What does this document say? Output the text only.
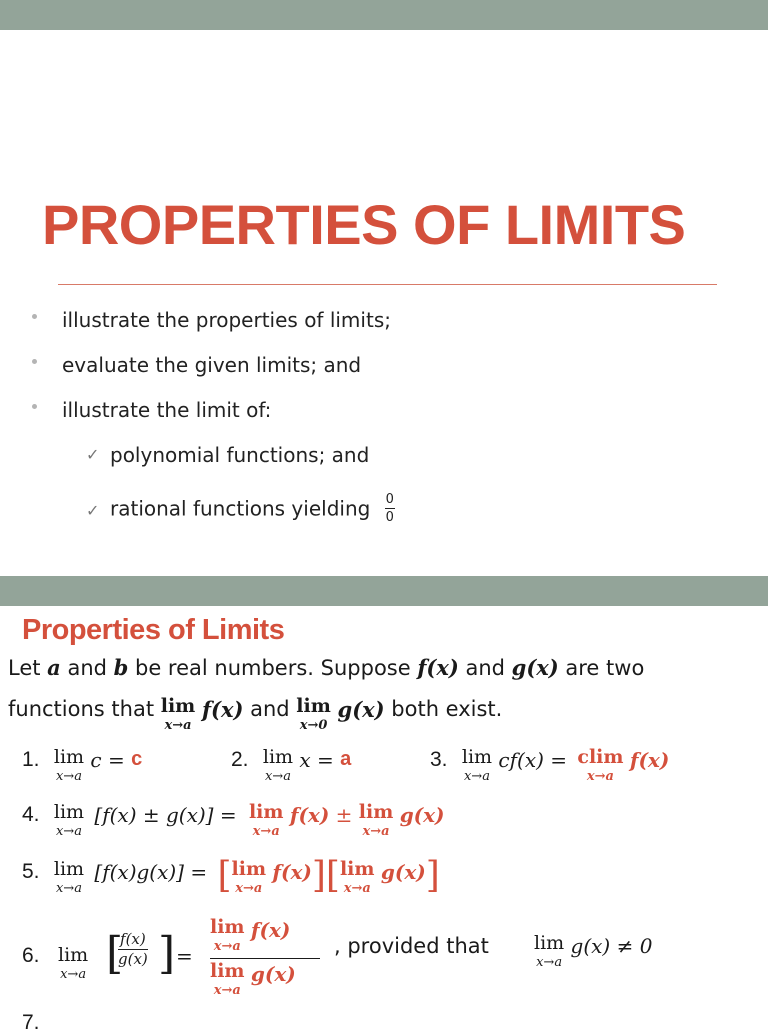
PROPERTIES OF LIMITS
illustrate the properties of limits;
evaluate the given limits; and
illustrate the limit of:
✓ polynomial functions; and
✓ rational functions yielding $\frac{0}{0}$
Properties of Limits
Let a and b be real numbers. Suppose f(x) and g(x) are two
functions that lim
x→a
f(x) and lim
x→0
g(x) both exist.
1. lim
x→a
c = c	2. lim
x→a
x = a	3. lim
x→a
cf(x) = clim
x→a
f(x)
4. lim
x→a
[f(x) ± g(x)] = lim
x→a
f(x) ± lim
x→a
g(x)
5. lim
x→a
[f(x)g(x)] = [ lim
x→a
f(x)][ lim
x→a
g(x)]
6. lim
x→a [
$\frac{f(x)}{g(x)}$ ] =
lim
x→a
f(x)
lim
x→a
g(x)
, provided that lim
x→a
g(x) ≠ 0
7.
